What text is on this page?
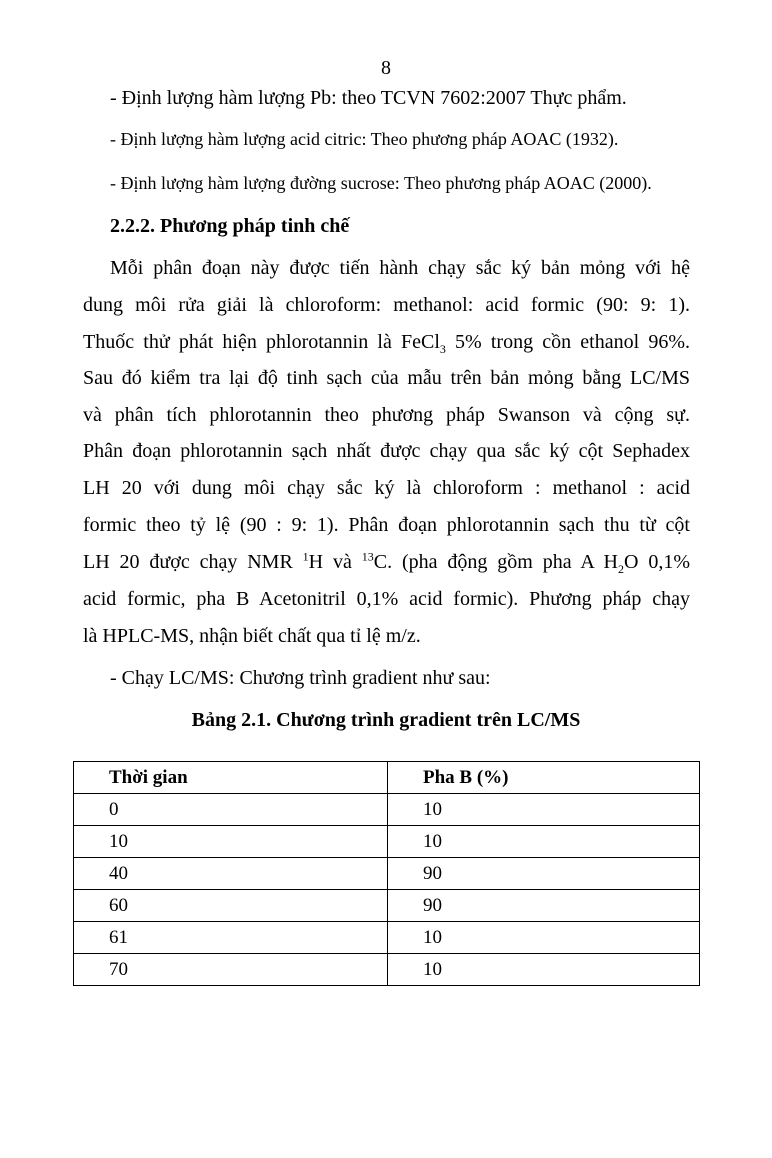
8
- Định lượng hàm lượng Pb: theo TCVN 7602:2007 Thực phẩm.
- Định lượng hàm lượng acid citric: Theo phương pháp AOAC (1932).
- Định lượng hàm lượng đường sucrose: Theo phương pháp AOAC (2000).
2.2.2. Phương pháp tinh chế
Mỗi phân đoạn này được tiến hành chạy sắc ký bản mỏng với hệ
dung môi rửa giải là chloroform: methanol: acid formic (90: 9: 1).
Thuốc thử phát hiện phlorotannin là FeCl$_3$ 5% trong cồn ethanol 96%.
Sau đó kiểm tra lại độ tinh sạch của mẫu trên bản mỏng bằng LC/MS
và phân tích phlorotannin theo phương pháp Swanson và cộng sự.
Phân đoạn phlorotannin sạch nhất được chạy qua sắc ký cột Sephadex
LH 20 với dung môi chạy sắc ký là chloroform : methanol : acid
formic theo tỷ lệ (90 : 9: 1). Phân đoạn phlorotannin sạch thu từ cột
LH 20 được chạy NMR $^1$H và $^{13}$C. (pha động gồm pha A $H_2O$ 0,1%
acid formic, pha B Acetonitril 0,1% acid formic). Phương pháp chạy
là HPLC-MS, nhận biết chất qua tỉ lệ m/z.
- Chạy LC/MS: Chương trình gradient như sau:
Bảng 2.1. Chương trình gradient trên LC/MS
Thời gian	Pha B (%)
0	10
10	10
40	90
60	90
61	10
70	10
